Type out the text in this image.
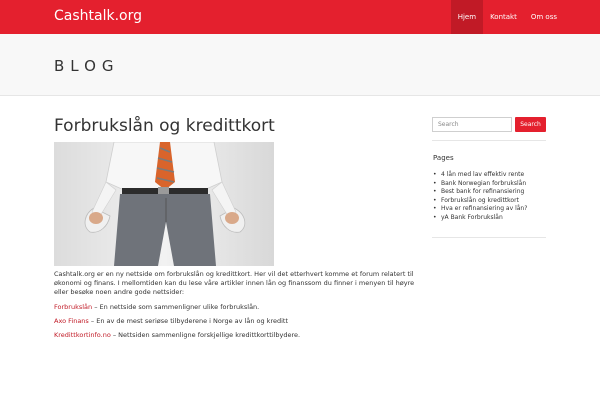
Cashtalk.org	Hjem	Kontakt	Om oss
BLOG
Forbrukslån og kredittkort
Cashtalk.org er en ny nettside om forbrukslån og kredittkort. Her vil det etterhvert komme et forum relatert til økonomi og finans. I mellomtiden kan du lese våre artikler innen lån og finanssom du finner i menyen til høyre eller besøke noen andre gode nettsider:
Forbrukslån – En nettside som sammenligner ulike forbrukslån.
Axo Finans – En av de mest seriøse tilbyderene i Norge av lån og kreditt
Kredittkortinfo.no – Nettsiden sammenligne forskjellige kredittkorttilbydere.
Search	Search
Pages
• 4 lån med lav effektiv rente
• Bank Norwegian forbrukslån
• Best bank for refinansiering
• Forbrukslån og kredittkort
• Hva er refinansiering av lån?
• yA Bank Forbrukslån
